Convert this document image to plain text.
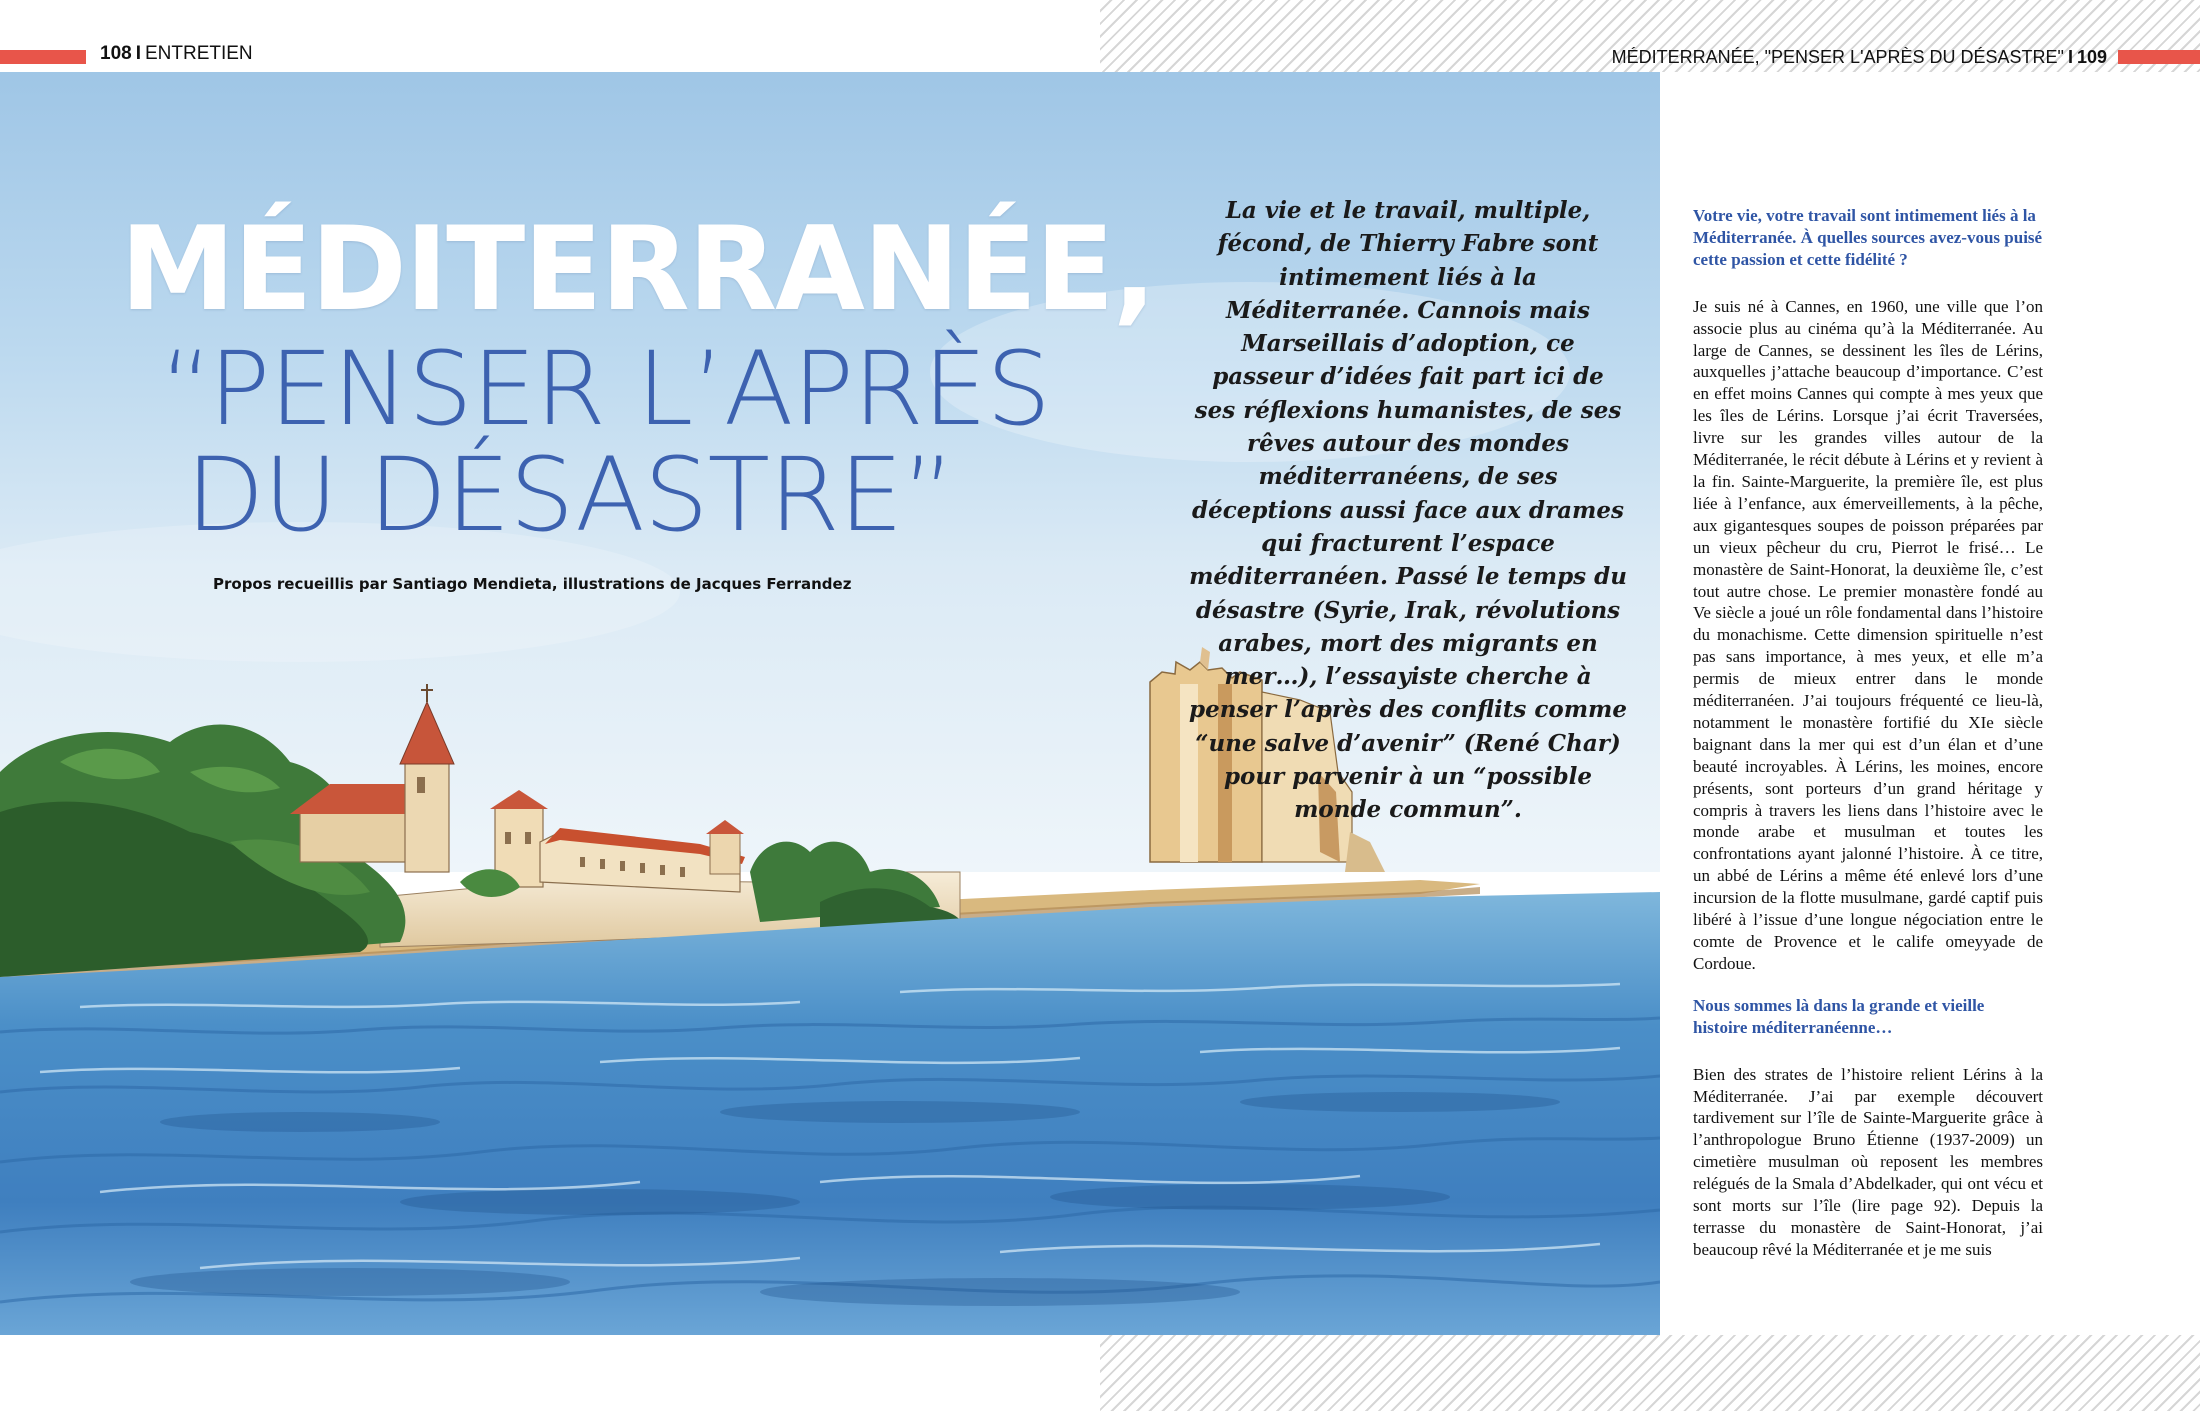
108 I ENTRETIEN	MÉDITERRANÉE, "PENSER L'APRÈS DU DÉSASTRE" I 109
MÉDITERRANÉE,
“PENSER L’APRÈS
DU DÉSASTRE”
Propos recueillis par Santiago Mendieta, illustrations de Jacques Ferrandez

La vie et le travail, multiple, fécond, de Thierry Fabre sont intimement liés à la Méditerranée. Cannois mais Marseillais d’adoption, ce passeur d’idées fait part ici de ses réflexions humanistes, de ses rêves autour des mondes méditerranéens, de ses déceptions aussi face aux drames qui fracturent l’espace méditerranéen. Passé le temps du désastre (Syrie, Irak, révolutions arabes, mort des migrants en mer…), l’essayiste cherche à penser l’après des conflits comme “une salve d’avenir” (René Char) pour parvenir à un “possible monde commun”.

Votre vie, votre travail sont intimement liés à la Méditerranée. À quelles sources avez-vous puisé cette passion et cette fidélité ?

Je suis né à Cannes, en 1960, une ville que l’on associe plus au cinéma qu’à la Méditerranée. Au large de Cannes, se dessinent les îles de Lérins, auxquelles j’attache beaucoup d’importance. C’est en effet moins Cannes qui compte à mes yeux que les îles de Lérins. Lorsque j’ai écrit Traversées, livre sur les grandes villes autour de la Méditerranée, le récit débute à Lérins et y revient à la fin. Sainte-Marguerite, la première île, est plus liée à l’enfance, aux émerveillements, à la pêche, aux gigantesques soupes de poisson préparées par un vieux pêcheur du cru, Pierrot le frisé… Le monastère de Saint-Honorat, la deuxième île, c’est tout autre chose. Le premier monastère fondé au Ve siècle a joué un rôle fondamental dans l’histoire du monachisme. Cette dimension spirituelle n’est pas sans importance, à mes yeux, et elle m’a permis de mieux entrer dans le monde méditerranéen. J’ai toujours fréquenté ce lieu-là, notamment le monastère fortifié du XIe siècle baignant dans la mer qui est d’un élan et d’une beauté incroyables. À Lérins, les moines, encore présents, sont porteurs d’un grand héritage y compris à travers les liens dans l’histoire avec le monde arabe et musulman et toutes les confrontations ayant jalonné l’histoire. À ce titre, un abbé de Lérins a même été enlevé lors d’une incursion de la flotte musulmane, gardé captif puis libéré à l’issue d’une longue négociation entre le comte de Provence et le calife omeyyade de Cordoue.

Nous sommes là dans la grande et vieille histoire méditerranéenne…

Bien des strates de l’histoire relient Lérins à la Méditerranée. J’ai par exemple découvert tardivement sur l’île de Sainte-Marguerite grâce à l’anthropologue Bruno Étienne (1937-2009) un cimetière musulman où reposent les membres relégués de la Smala d’Abdelkader, qui ont vécu et sont morts sur l’île (lire page 92). Depuis la terrasse du monastère de Saint-Honorat, j’ai beaucoup rêvé la Méditerranée et je me suis
